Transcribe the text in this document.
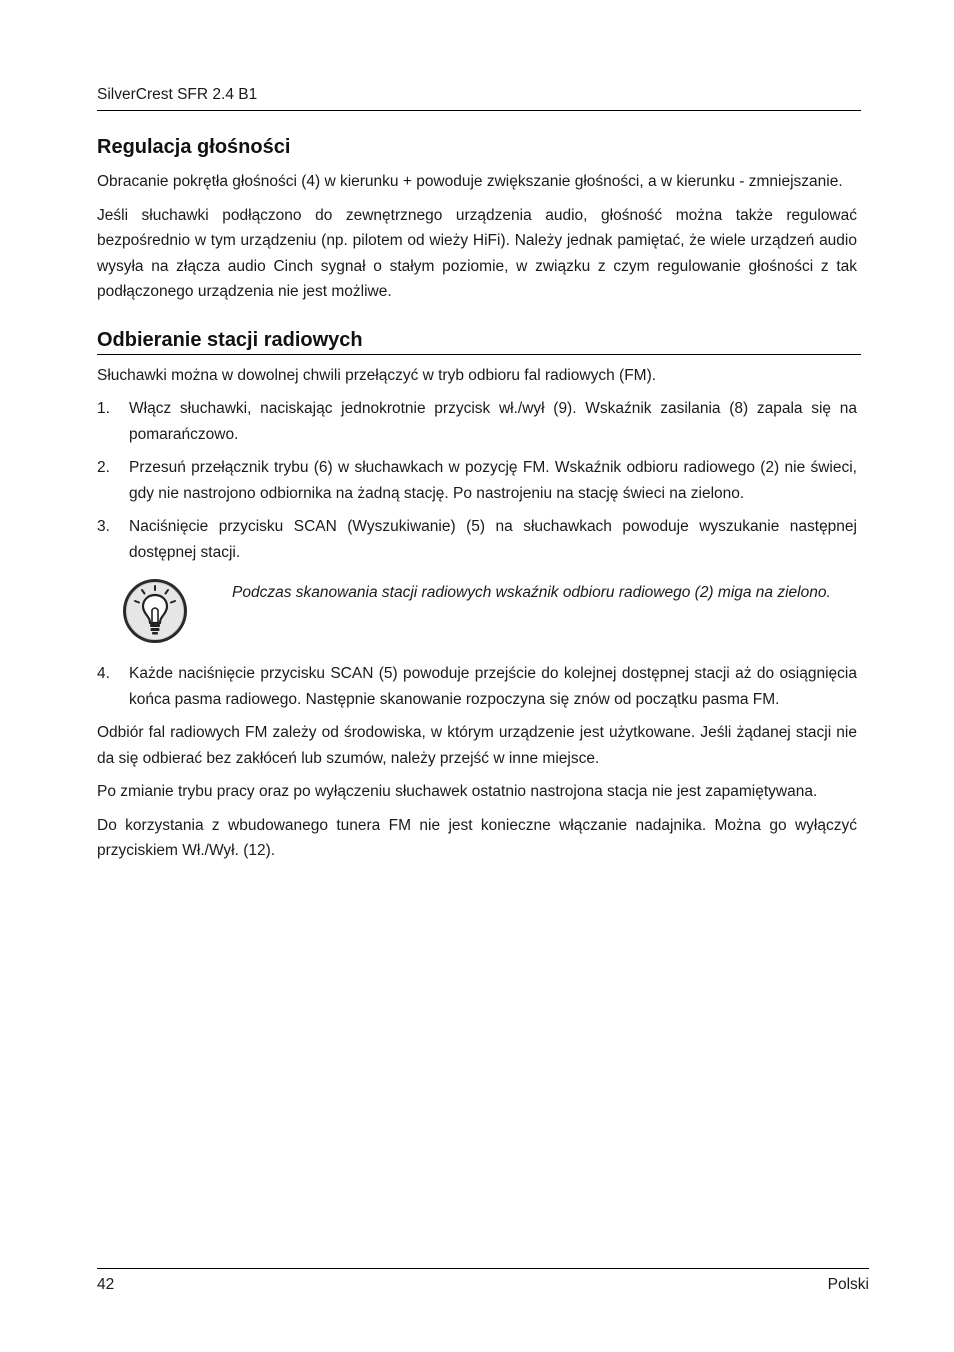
SilverCrest SFR 2.4 B1
Regulacja głośności

Obracanie pokrętła głośności (4) w kierunku + powoduje zwiększanie głośności, a w kierunku - zmniejszanie.

Jeśli słuchawki podłączono do zewnętrznego urządzenia audio, głośność można także regulować bezpośrednio w tym urządzeniu (np. pilotem od wieży HiFi). Należy jednak pamiętać, że wiele urządzeń audio wysyła na złącza audio Cinch sygnał o stałym poziomie, w związku z czym regulowanie głośności z tak podłączonego urządzenia nie jest możliwe.

Odbieranie stacji radiowych

Słuchawki można w dowolnej chwili przełączyć w tryb odbioru fal radiowych (FM).

1. Włącz słuchawki, naciskając jednokrotnie przycisk wł./wył (9). Wskaźnik zasilania (8) zapala się na pomarańczowo.
2. Przesuń przełącznik trybu (6) w słuchawkach w pozycję FM. Wskaźnik odbioru radiowego (2) nie świeci, gdy nie nastrojono odbiornika na żadną stację. Po nastrojeniu na stację świeci na zielono.
3. Naciśnięcie przycisku SCAN (Wyszukiwanie) (5) na słuchawkach powoduje wyszukanie następnej dostępnej stacji.
Podczas skanowania stacji radiowych wskaźnik odbioru radiowego (2) miga na zielono.
4. Każde naciśnięcie przycisku SCAN (5) powoduje przejście do kolejnej dostępnej stacji aż do osiągnięcia końca pasma radiowego. Następnie skanowanie rozpoczyna się znów od początku pasma FM.

Odbiór fal radiowych FM zależy od środowiska, w którym urządzenie jest użytkowane. Jeśli żądanej stacji nie da się odbierać bez zakłóceń lub szumów, należy przejść w inne miejsce.

Po zmianie trybu pracy oraz po wyłączeniu słuchawek ostatnio nastrojona stacja nie jest zapamiętywana.

Do korzystania z wbudowanego tunera FM nie jest konieczne włączanie nadajnika. Można go wyłączyć przyciskiem Wł./Wył. (12).

42	Polski
